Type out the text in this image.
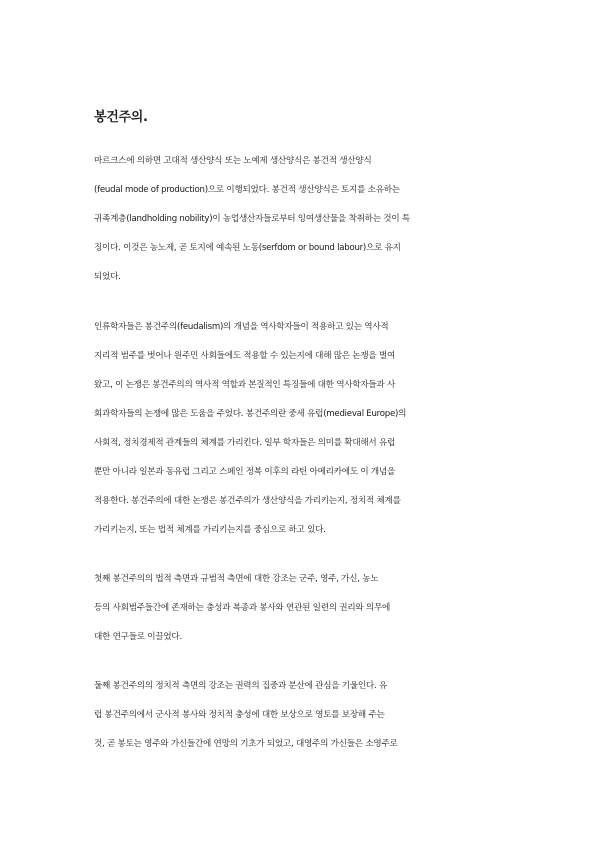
봉건주의.
마르크스에 의하면 고대적 생산양식 또는 노예제 생산양식은 봉건적 생산양식
(feudal mode of production)으로 이행되었다. 봉건적 생산양식은 토지를 소유하는
귀족계층(landholding nobility)이 농업생산자들로부터 잉여생산물을 착취하는 것이 특
징이다. 이것은 농노제, 곧 토지에 예속된 노동(serfdom or bound labour)으로 유지
되었다.
인류학자들은 봉건주의(feudalism)의 개념을 역사학자들이 적용하고 있는 역사적
지리적 범주를 벗어나 원주민 사회들에도 적용할 수 있는지에 대해 많은 논쟁을 벌여
왔고, 이 논쟁은 봉건주의의 역사적 역할과 본질적인 특징들에 대한 역사학자들과 사
회과학자들의 논쟁에 많은 도움을 주었다. 봉건주의란 중세 유럽(medieval Europe)의
사회적, 정치경제적 관계들의 체계를 가리킨다. 일부 학자들은 의미를 확대해서 유럽
뿐만 아니라 일본과 동유럽 그리고 스페인 정복 이후의 라틴 아메리카에도 이 개념을
적용한다. 봉건주의에 대한 논쟁은 봉건주의가 생산양식을 가리키는지, 정치적 체계를
가리키는지, 또는 법적 체계를 가리키는지를 중심으로 하고 있다.
첫째 봉건주의의 법적 측면과 규범적 측면에 대한 강조는 군주, 영주, 가신, 농노
등의 사회범주들간에 존재하는 충성과 복종과 봉사와 연관된 일련의 권리와 의무에
대한 연구들로 이끌었다.
둘째 봉건주의의 정치적 측면의 강조는 권력의 집중과 분산에 관심을 기울인다. 유
럽 봉건주의에서 군사적 봉사와 정치적 충성에 대한 보상으로 영토를 보장해 주는
것, 곧 봉토는 영주와 가신들간에 연망의 기초가 되었고, 대영주의 가신들은 소영주로
